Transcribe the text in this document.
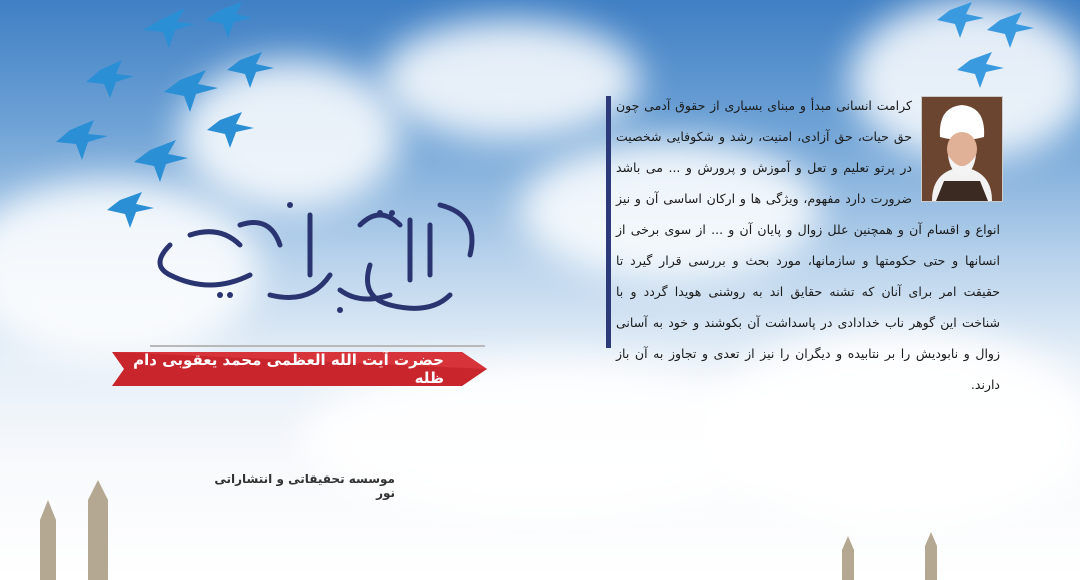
حضرت آیت الله العظمی محمد یعقوبی دام ظله
موسسه تحقیقاتی و انتشاراتی نور
کرامت انسانی مبدأ و مبنای بسیاری از حقوق آدمی چون حق حیات، حق آزادی، امنیت، رشد و شکوفایی شخصیت در پرتو تعلیم و تعل و آموزش و پرورش و ... می باشد ضرورت دارد مفهوم، ویژگی ها و ارکان اساسی آن و نیز انواع و اقسام آن و همچنین علل زوال و پایان آن و ... از سوی برخی از انسانها و حتی حکومتها و سازمانها، مورد بحث و بررسی قرار گیرد تا حقیقت امر برای آنان که تشنه حقایق اند به روشنی هویدا گردد و با شناخت این گوهر ناب خدادادی در پاسداشت آن بکوشند و خود به آسانی زوال و نابودیش را بر نتابیده و دیگران را نیز از تعدی و تجاوز به آن باز دارند.
